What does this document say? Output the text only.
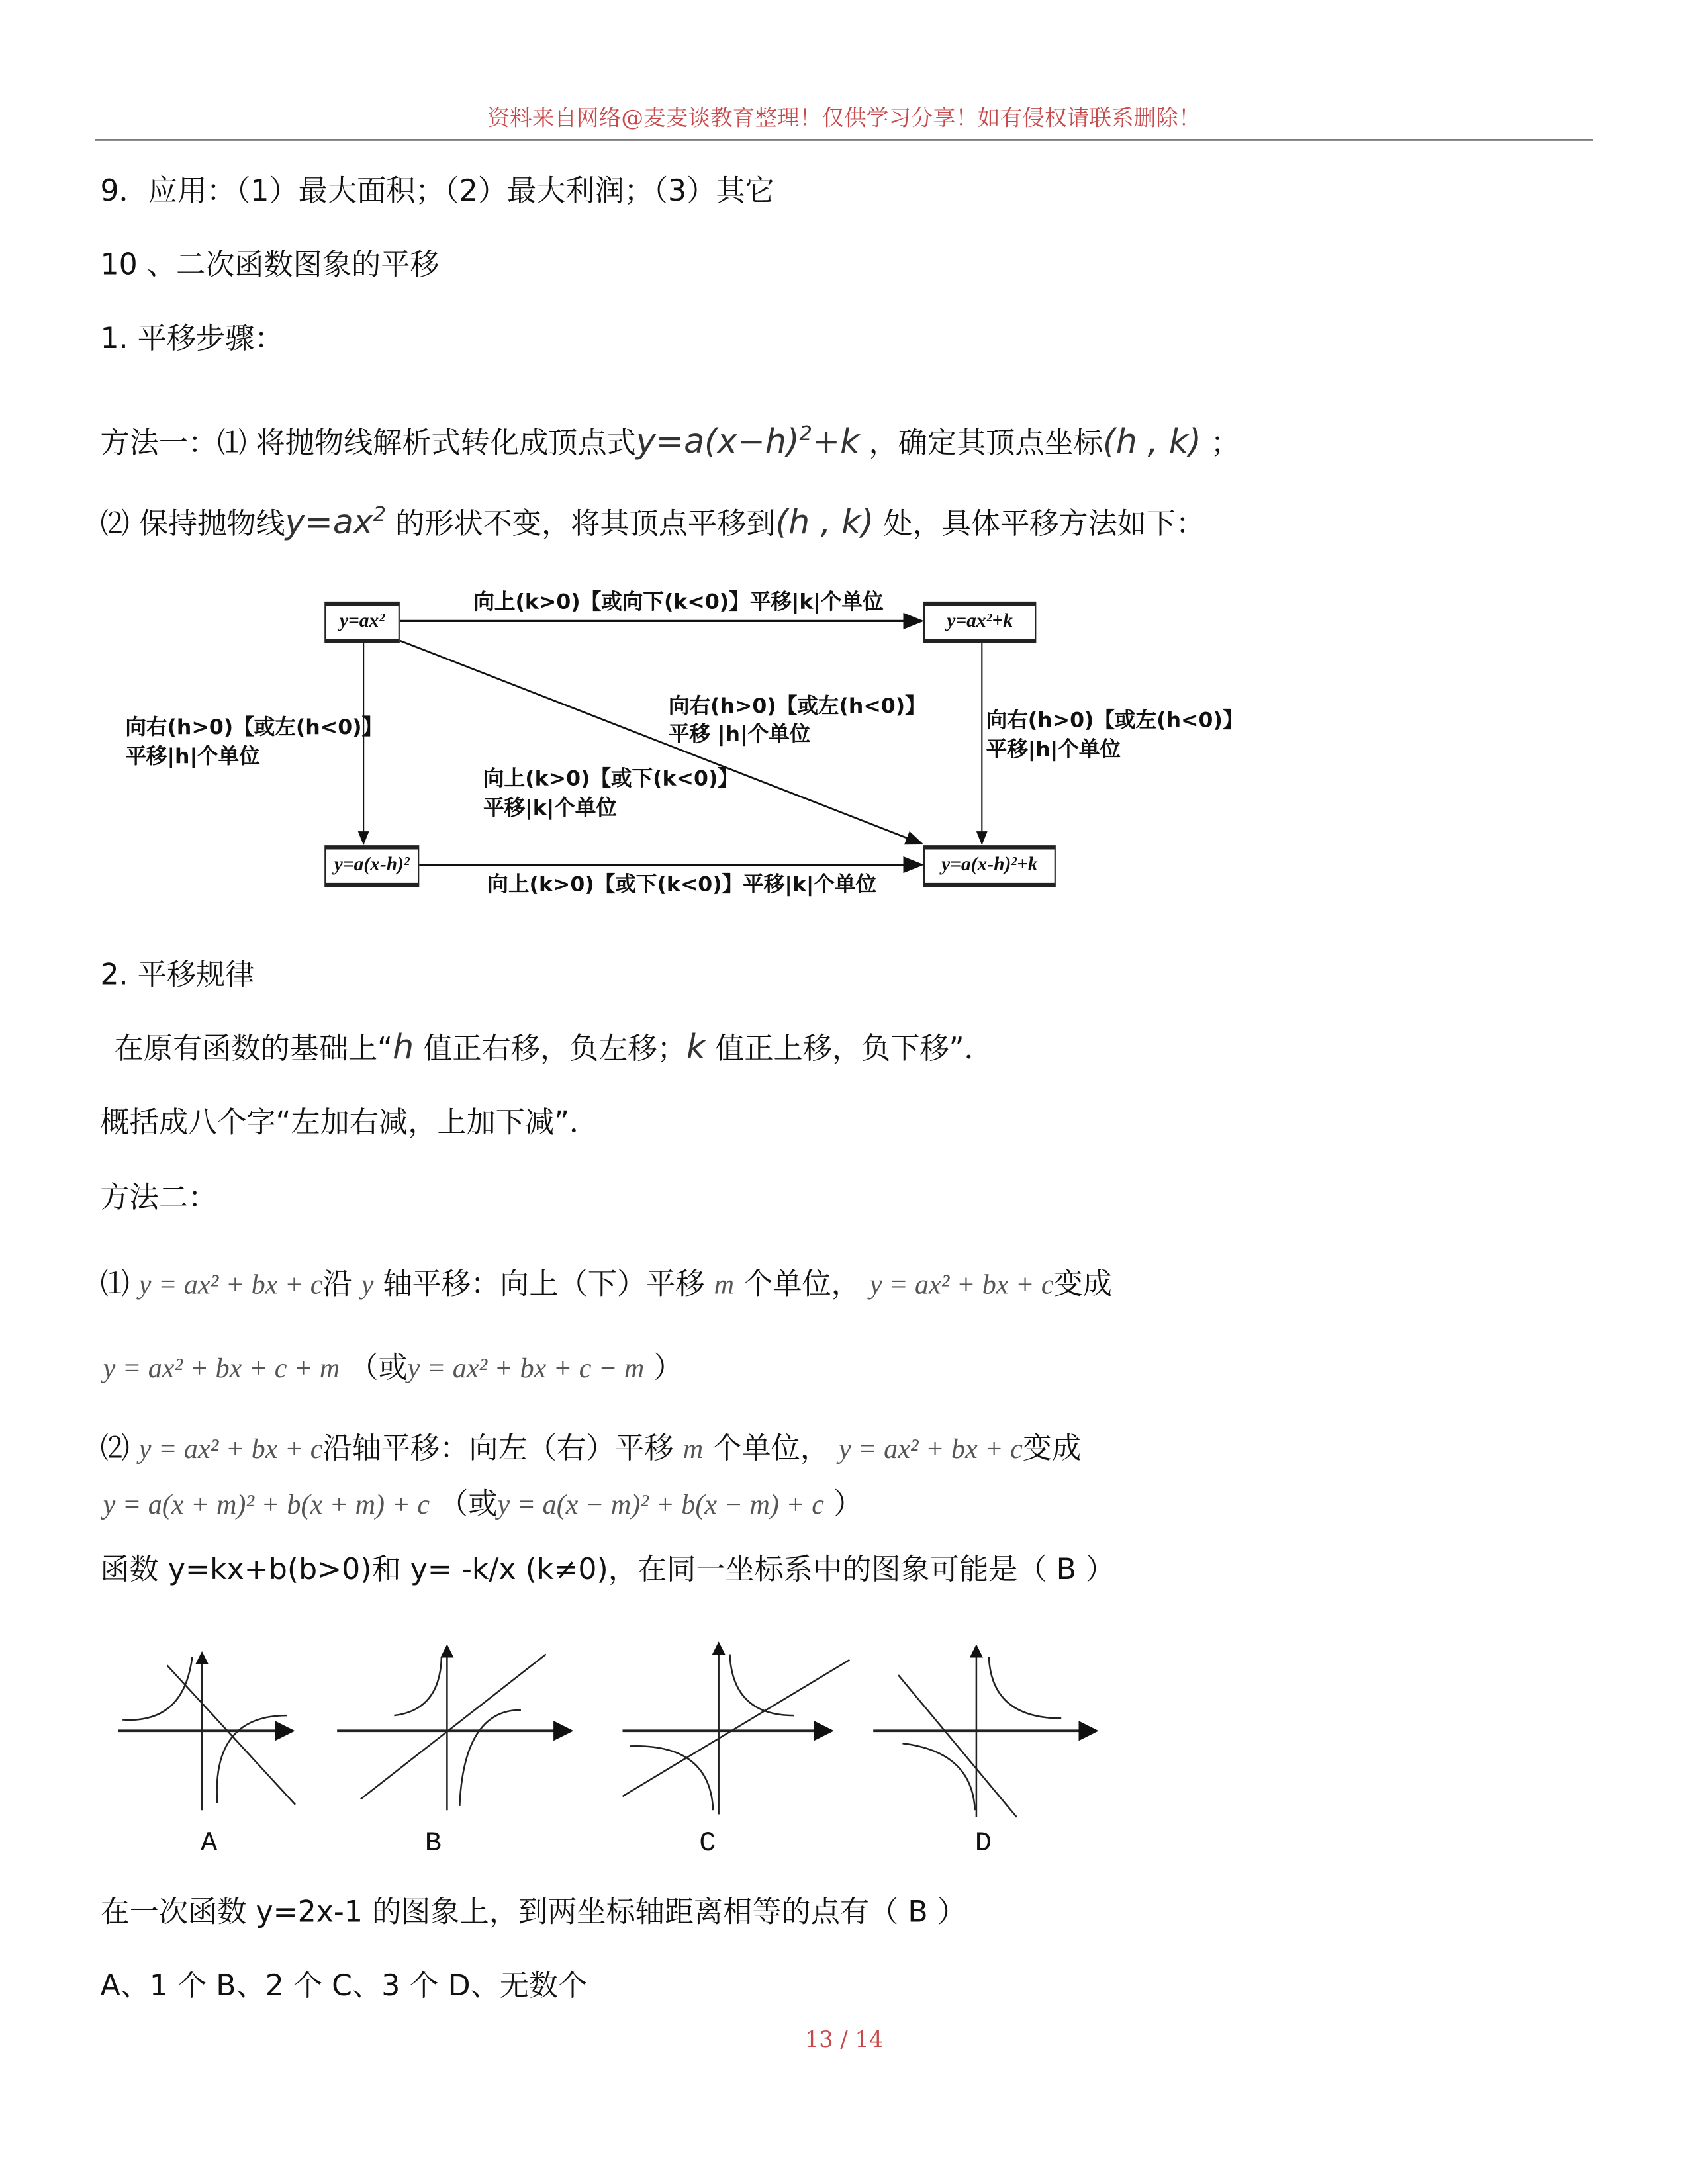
资料来自网络@麦麦谈教育整理！仅供学习分享！如有侵权请联系删除！
9．应用：（1）最大面积；（2）最大利润；（3）其它
10 、二次函数图象的平移
1. 平移步骤：
方法一：⑴ 将抛物线解析式转化成顶点式$y=a(x-h)^2+k$ ，确定其顶点坐标(h , k) ；
⑵ 保持抛物线$y=ax^2$ 的形状不变，将其顶点平移到(h , k) 处，具体平移方法如下：
y=ax²	y=ax²+k
y=a(x-h)²	y=a(x-h)²+k
向上(k>0)【或向下(k<0)】平移|k|个单位
向右(h>0)【或左(h<0)】
平移|h|个单位
向右(h>0)【或左(h<0)】
平移 |h|个单位
向上(k>0)【或下(k<0)】
平移|k|个单位
向右(h>0)【或左(h<0)】
平移|h|个单位
向上(k>0)【或下(k<0)】平移|k|个单位
2. 平移规律
在原有函数的基础上“h 值正右移，负左移；k 值正上移，负下移”．
概括成八个字“左加右减，上加下减”．
方法二：
⑴ y = ax² + bx + c沿 y 轴平移：向上（下）平移 m 个单位， y = ax² + bx + c变成
y = ax² + bx + c + m （或y = ax² + bx + c − m ）
⑵ y = ax² + bx + c沿轴平移：向左（右）平移 m 个单位， y = ax² + bx + c变成
y = a(x + m)² + b(x + m) + c （或y = a(x − m)² + b(x − m) + c ）
函数 y=kx+b(b>0)和 y= -k/x (k≠0)，在同一坐标系中的图象可能是（ B ）
A	B	C	D
在一次函数 y=2x-1 的图象上，到两坐标轴距离相等的点有（ B ）
A、1 个 B、2 个 C、3 个 D、无数个
13 / 14
